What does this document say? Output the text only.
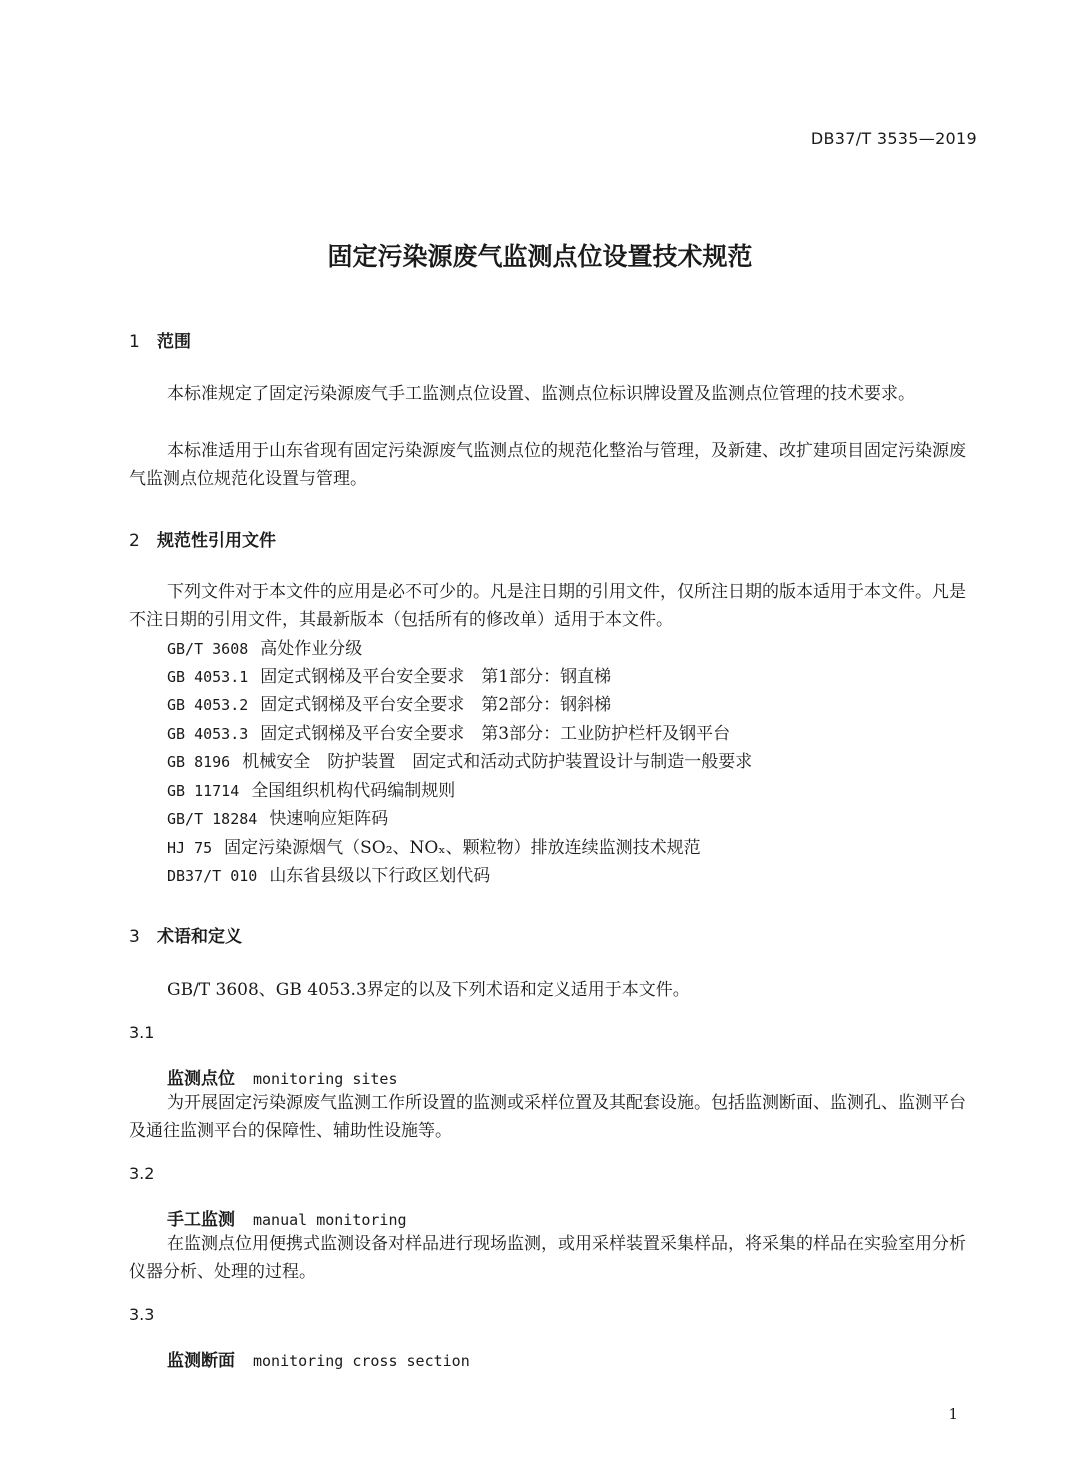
DB37/T 3535—2019
固定污染源废气监测点位设置技术规范
1 范围
本标准规定了固定污染源废气手工监测点位设置、监测点位标识牌设置及监测点位管理的技术要求。
本标准适用于山东省现有固定污染源废气监测点位的规范化整治与管理，及新建、改扩建项目固定污染源废气监测点位规范化设置与管理。
2 规范性引用文件
下列文件对于本文件的应用是必不可少的。凡是注日期的引用文件，仅所注日期的版本适用于本文件。凡是不注日期的引用文件，其最新版本（包括所有的修改单）适用于本文件。
GB/T 3608 高处作业分级
GB 4053.1 固定式钢梯及平台安全要求　第1部分：钢直梯
GB 4053.2 固定式钢梯及平台安全要求　第2部分：钢斜梯
GB 4053.3 固定式钢梯及平台安全要求　第3部分：工业防护栏杆及钢平台
GB 8196 机械安全　防护装置　固定式和活动式防护装置设计与制造一般要求
GB 11714 全国组织机构代码编制规则
GB/T 18284 快速响应矩阵码
HJ 75 固定污染源烟气（SO₂、NOₓ、颗粒物）排放连续监测技术规范
DB37/T 010 山东省县级以下行政区划代码
3 术语和定义
GB/T 3608、GB 4053.3界定的以及下列术语和定义适用于本文件。
3.1
监测点位 monitoring sites
为开展固定污染源废气监测工作所设置的监测或采样位置及其配套设施。包括监测断面、监测孔、监测平台及通往监测平台的保障性、辅助性设施等。
3.2
手工监测 manual monitoring
在监测点位用便携式监测设备对样品进行现场监测，或用采样装置采集样品，将采集的样品在实验室用分析仪器分析、处理的过程。
3.3
监测断面 monitoring cross section
1
